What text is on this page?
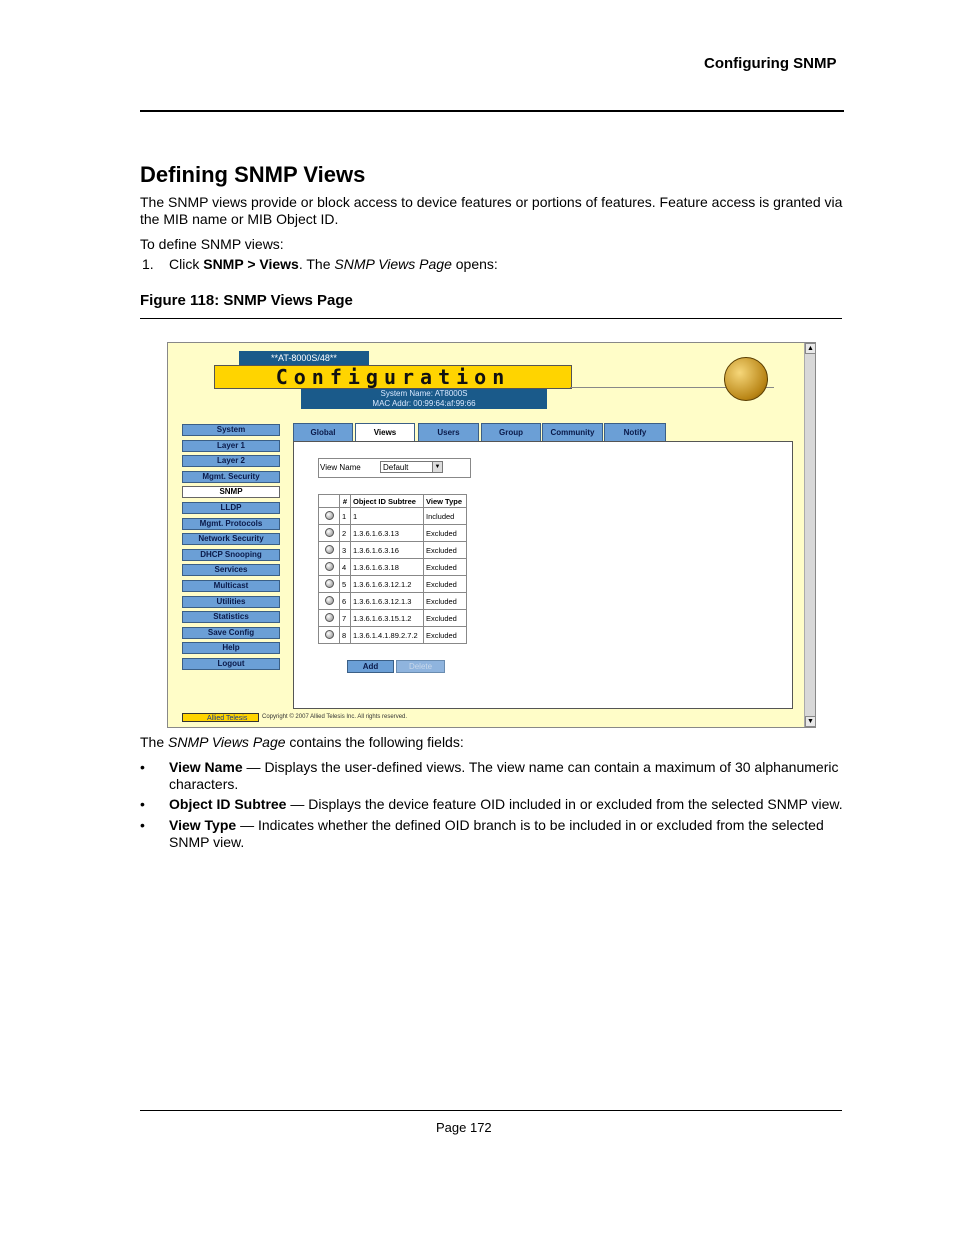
Configuring SNMP
Defining SNMP Views
The SNMP views provide or block access to device features or portions of features. Feature access is granted via the MIB name or MIB Object ID.
To define SNMP views:
1. Click SNMP > Views. The SNMP Views Page opens:
Figure 118: SNMP Views Page
▲
▼
**AT-8000S/48**
Configuration
System Name: AT8000S
MAC Addr: 00:99:64:af:99:66
System
Layer 1
Layer 2
Mgmt. Security
SNMP
LLDP
Mgmt. Protocols
Network Security
DHCP Snooping
Services
Multicast
Utilities
Statistics
Save Config
Help
Logout
Global	Views	Users	Group	Community	Notify
View Name	Default	▼
	#	Object ID Subtree	View Type
	1	1	Included
	2	1.3.6.1.6.3.13	Excluded
	3	1.3.6.1.6.3.16	Excluded
	4	1.3.6.1.6.3.18	Excluded
	5	1.3.6.1.6.3.12.1.2	Excluded
	6	1.3.6.1.6.3.12.1.3	Excluded
	7	1.3.6.1.6.3.15.1.2	Excluded
	8	1.3.6.1.4.1.89.2.7.2	Excluded
Add	Delete
Allied Telesis	Copyright © 2007 Allied Telesis Inc. All rights reserved.
The SNMP Views Page contains the following fields:
• View Name — Displays the user-defined views. The view name can contain a maximum of 30 alphanumeric characters.
• Object ID Subtree — Displays the device feature OID included in or excluded from the selected SNMP view.
• View Type — Indicates whether the defined OID branch is to be included in or excluded from the selected SNMP view.
Page 172
